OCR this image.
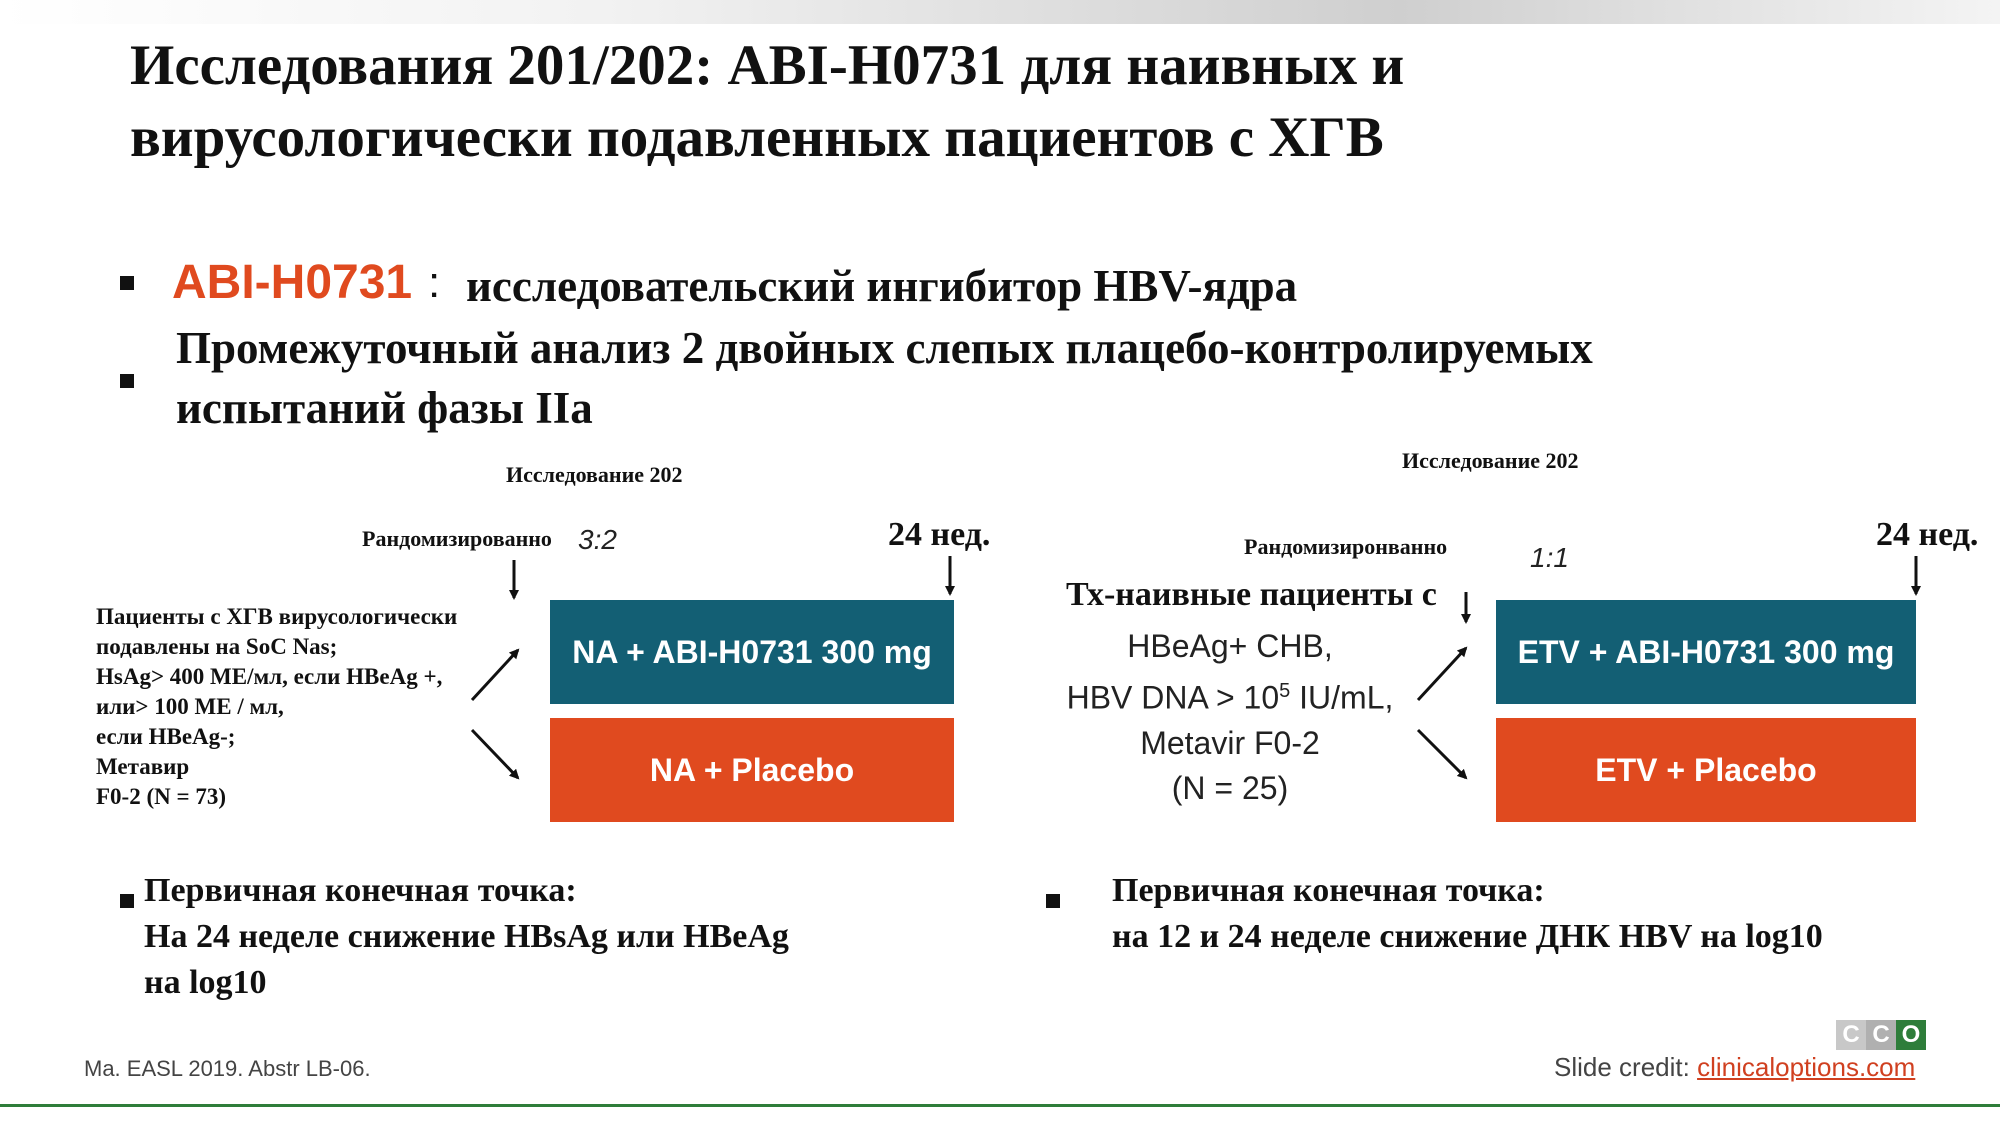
Исследования 201/202: ABI-H0731 для наивных и
вирусологически подавленных пациентов с ХГВ
ABI-H0731 : исследовательский ингибитор HBV-ядра
Промежуточный анализ 2 двойных слепых плацебо-контролируемых
испытаний фазы IIa
Исследование 202
Рандомизированно 3:2	24 нед.
Пациенты с ХГВ вирусологически
подавлены на SoC Nas;
HsAg> 400 МЕ/мл, если HBeAg +,
или> 100 МЕ / мл,
если HBeAg-;
Метавир
F0-2 (N = 73)
NA + ABI-H0731 300 mg
NA + Placebo
Первичная конечная точка:
На 24 неделе снижение HBsAg или HBeAg
на log10
Исследование 202
Рандомизиронванно	1:1
24 нед.
Тх-наивные пациенты с
HBeAg+ CHB,
HBV DNA > $10^5$ IU/mL,
Metavir F0-2
(N = 25)
ETV + ABI-H0731 300 mg
ETV + Placebo
Первичная конечная точка:
на 12 и 24 неделе снижение ДНК HBV на log10
Ma. EASL 2019. Abstr LB-06.
C C O
Slide credit: clinicaloptions.com
